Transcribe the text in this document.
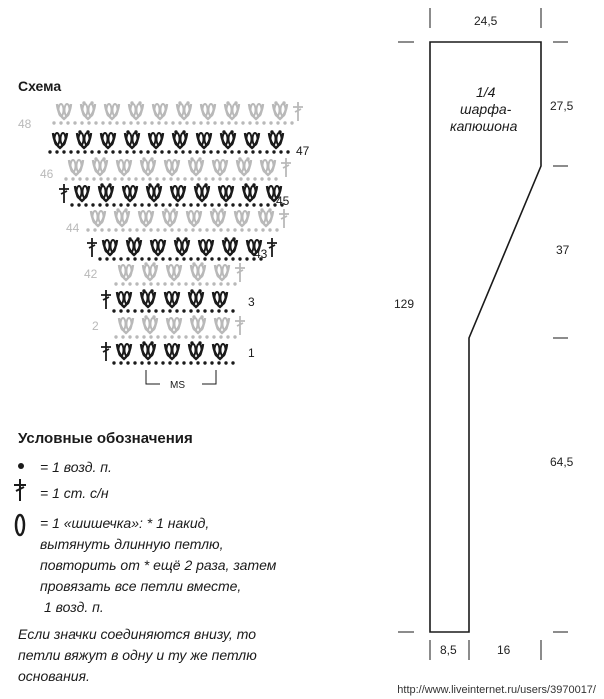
Схема
48
47
46
45
44
43
42
3
2
1
MS
Условные обозначения
= 1 возд. п.
= 1 ст. с/н
= 1 «шишечка»: * 1 накид,
вытянуть длинную петлю,
повторить от * ещё 2 раза, затем
провязать все петли вместе,
1 возд. п.
Если значки соединяются внизу, то
петли вяжут в одну и ту же петлю
основания.
24,5
27,5
37
64,5
129
8,5	16
1/4
шарфа-
капюшона
http://www.liveinternet.ru/users/3970017/
